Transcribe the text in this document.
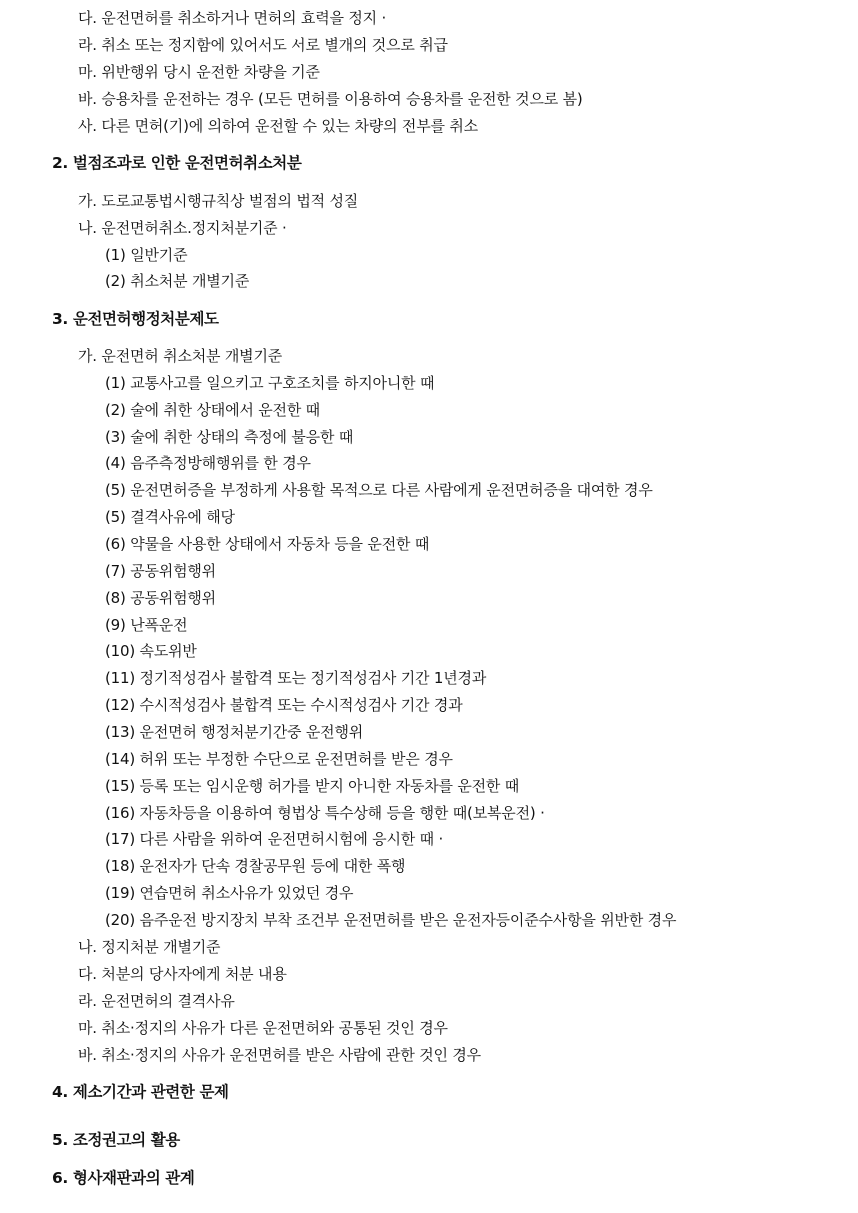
다. 운전면허를 취소하거나 면허의 효력을 정지 ·
라. 취소 또는 정지함에 있어서도 서로 별개의 것으로 취급
마. 위반행위 당시 운전한 차량을 기준
바. 승용차를 운전하는 경우 (모든 면허를 이용하여 승용차를 운전한 것으로 봄)
사. 다른 면허(기)에 의하여 운전할 수 있는 차량의 전부를 취소
2. 벌점조과로 인한 운전면허취소처분
가. 도로교통법시행규칙상 벌점의 법적 성질
나. 운전면허취소.정지처분기준 ·
(1) 일반기준
(2) 취소처분 개별기준
3. 운전면허행정처분제도
가. 운전면허 취소처분 개별기준
(1) 교통사고를 일으키고 구호조치를 하지아니한 때
(2) 술에 취한 상태에서 운전한 때
(3) 술에 취한 상태의 측정에 불응한 때
(4) 음주측정방해행위를 한 경우
(5) 운전면허증을 부정하게 사용할 목적으로 다른 사람에게 운전면허증을 대여한 경우
(5) 결격사유에 해당
(6) 약물을 사용한 상태에서 자동차 등을 운전한 때
(7) 공동위험행위
(8) 공동위험행위
(9) 난폭운전
(10) 속도위반
(11) 정기적성검사 불합격 또는 정기적성검사 기간 1년경과
(12) 수시적성검사 불합격 또는 수시적성검사 기간 경과
(13) 운전면허 행정처분기간중 운전행위
(14) 허위 또는 부정한 수단으로 운전면허를 받은 경우
(15) 등록 또는 임시운행 허가를 받지 아니한 자동차를 운전한 때
(16) 자동차등을 이용하여 형법상 특수상해 등을 행한 때(보복운전) ·
(17) 다른 사람을 위하여 운전면허시험에 응시한 때 ·
(18) 운전자가 단속 경찰공무원 등에 대한 폭행
(19) 연습면허 취소사유가 있었던 경우
(20) 음주운전 방지장치 부착 조건부 운전면허를 받은 운전자등이준수사항을 위반한 경우
나. 정지처분 개별기준
다. 처분의 당사자에게 처분 내용
라. 운전면허의 결격사유
마. 취소·정지의 사유가 다른 운전면허와 공통된 것인 경우
바. 취소·정지의 사유가 운전면허를 받은 사람에 관한 것인 경우
4. 제소기간과 관련한 문제
5. 조정권고의 활용
6. 형사재판과의 관계
